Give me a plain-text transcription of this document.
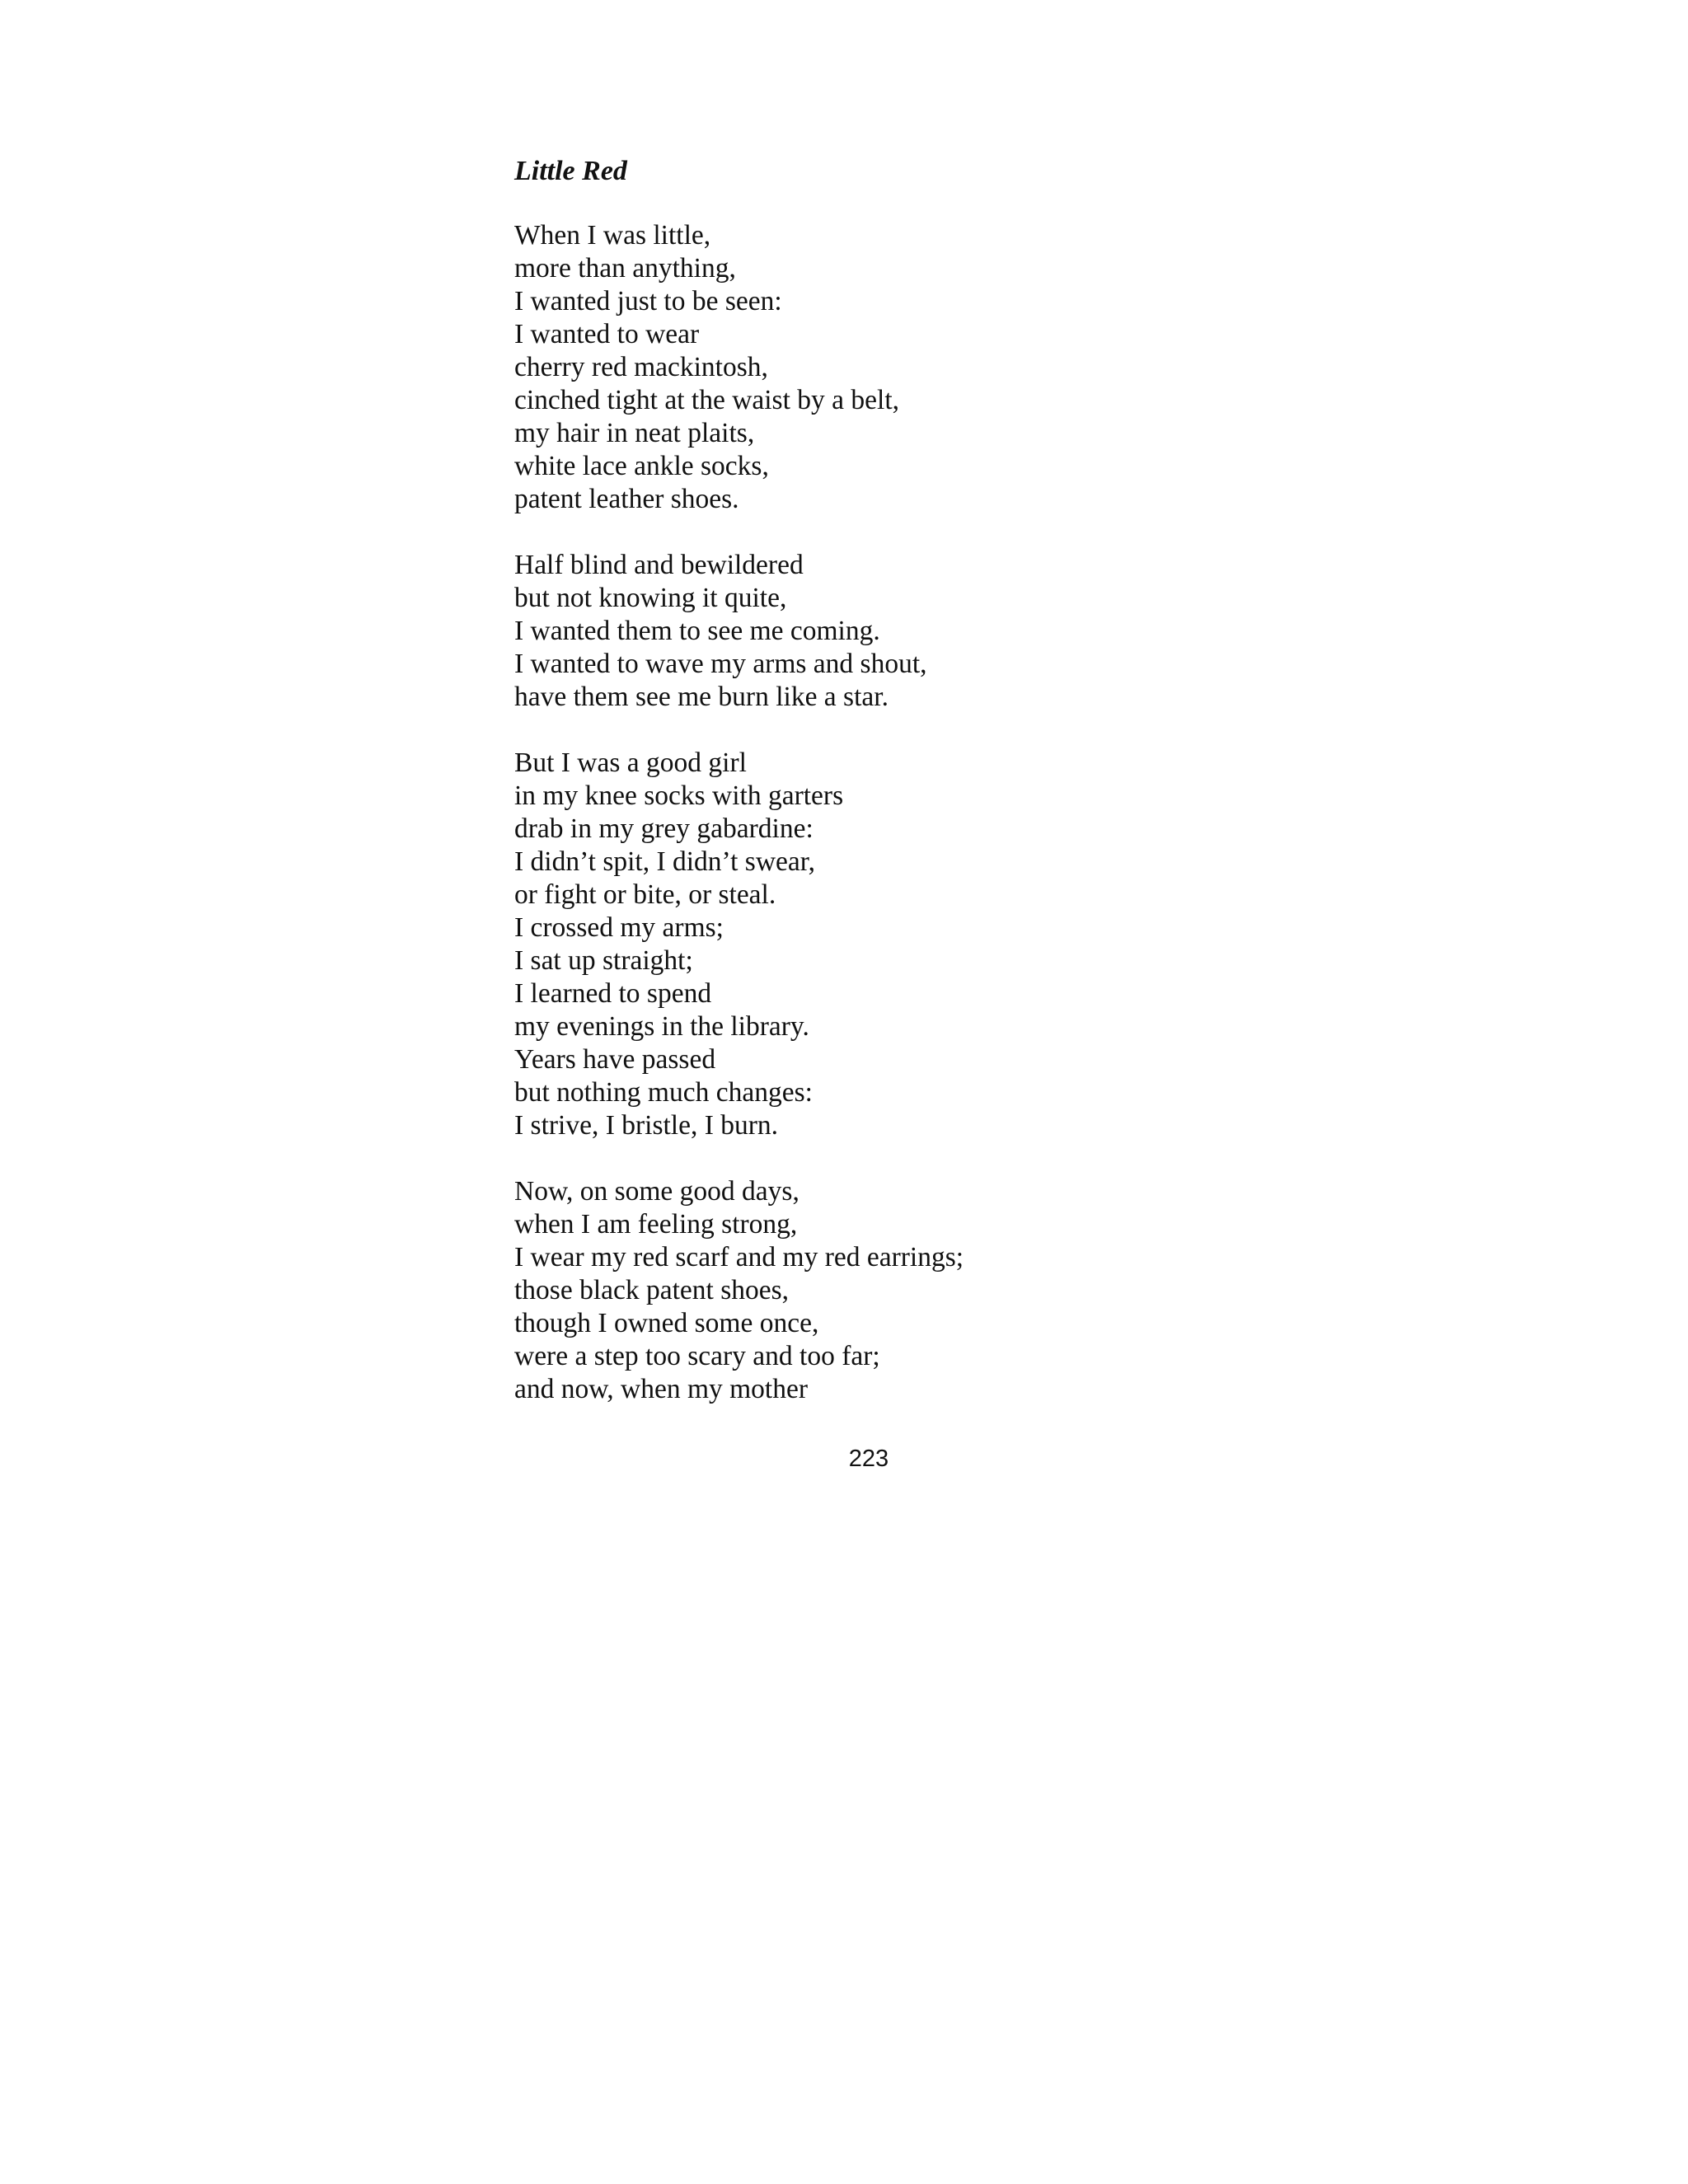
Little Red
When I was little,
more than anything,
I wanted just to be seen:
I wanted to wear
cherry red mackintosh,
cinched tight at the waist by a belt,
my hair in neat plaits,
white lace ankle socks,
patent leather shoes.
Half blind and bewildered
but not knowing it quite,
I wanted them to see me coming.
I wanted to wave my arms and shout,
have them see me burn like a star.
But I was a good girl
in my knee socks with garters
drab in my grey gabardine:
I didn’t spit, I didn’t swear,
or fight or bite, or steal.
I crossed my arms;
I sat up straight;
I learned to spend
my evenings in the library.
Years have passed
but nothing much changes:
I strive, I bristle, I burn.
Now, on some good days,
when I am feeling strong,
I wear my red scarf and my red earrings;
those black patent shoes,
though I owned some once,
were a step too scary and too far;
and now, when my mother
223
